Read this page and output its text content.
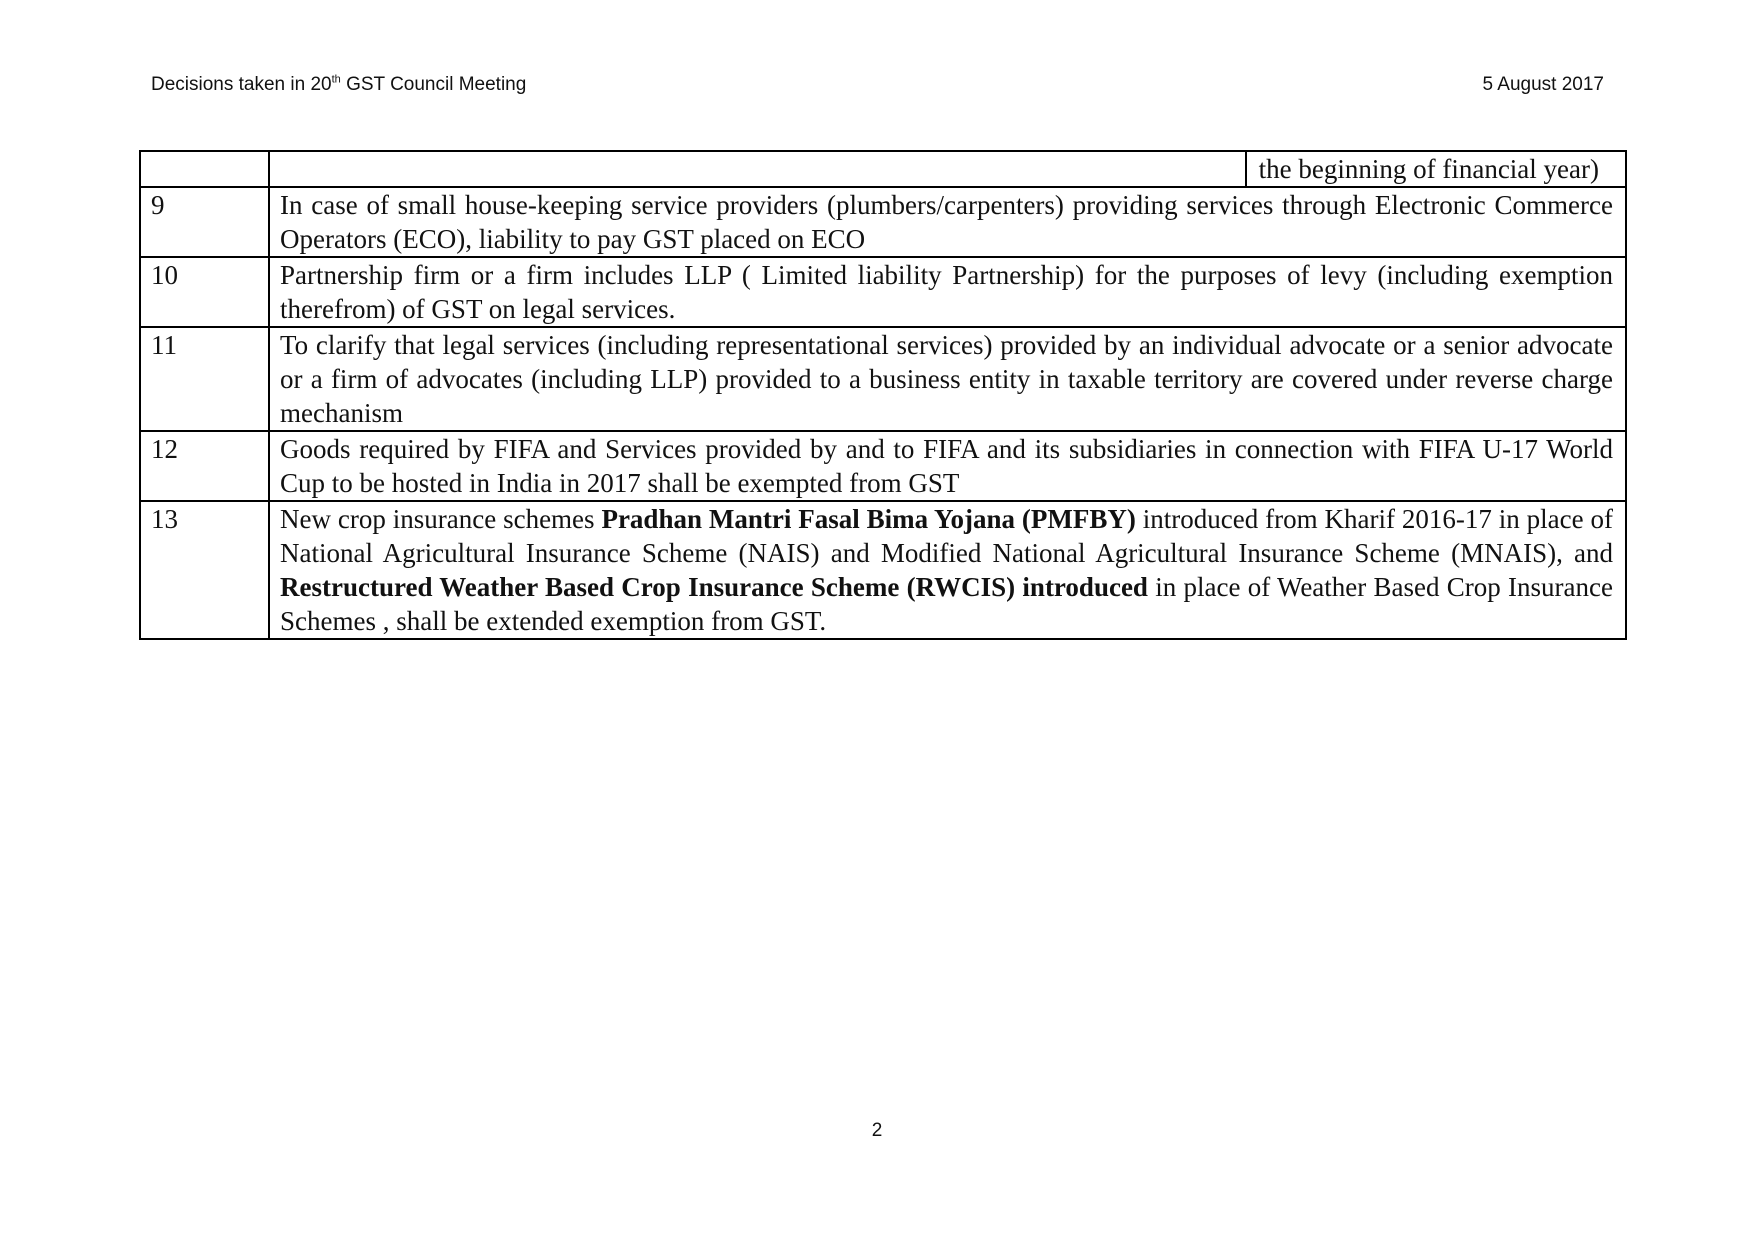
Decisions taken in 20th GST Council Meeting	5 August 2017

	the beginning of financial year)

9	In case of small house-keeping service providers (plumbers/carpenters) providing services through Electronic Commerce Operators (ECO), liability to pay GST placed on ECO
10	Partnership firm or a firm includes LLP ( Limited liability Partnership) for the purposes of levy (including exemption therefrom) of GST on legal services.
11	To clarify that legal services (including representational services) provided by an individual advocate or a senior advocate or a firm of advocates (including LLP) provided to a business entity in taxable territory are covered under reverse charge mechanism
12	Goods required by FIFA and Services provided by and to FIFA and its subsidiaries in connection with FIFA U-17 World Cup to be hosted in India in 2017 shall be exempted from GST
13	New crop insurance schemes Pradhan Mantri Fasal Bima Yojana (PMFBY) introduced from Kharif 2016-17 in place of National Agricultural Insurance Scheme (NAIS) and Modified National Agricultural Insurance Scheme (MNAIS), and Restructured Weather Based Crop Insurance Scheme (RWCIS) introduced in place of Weather Based Crop Insurance Schemes , shall be extended exemption from GST.
2
